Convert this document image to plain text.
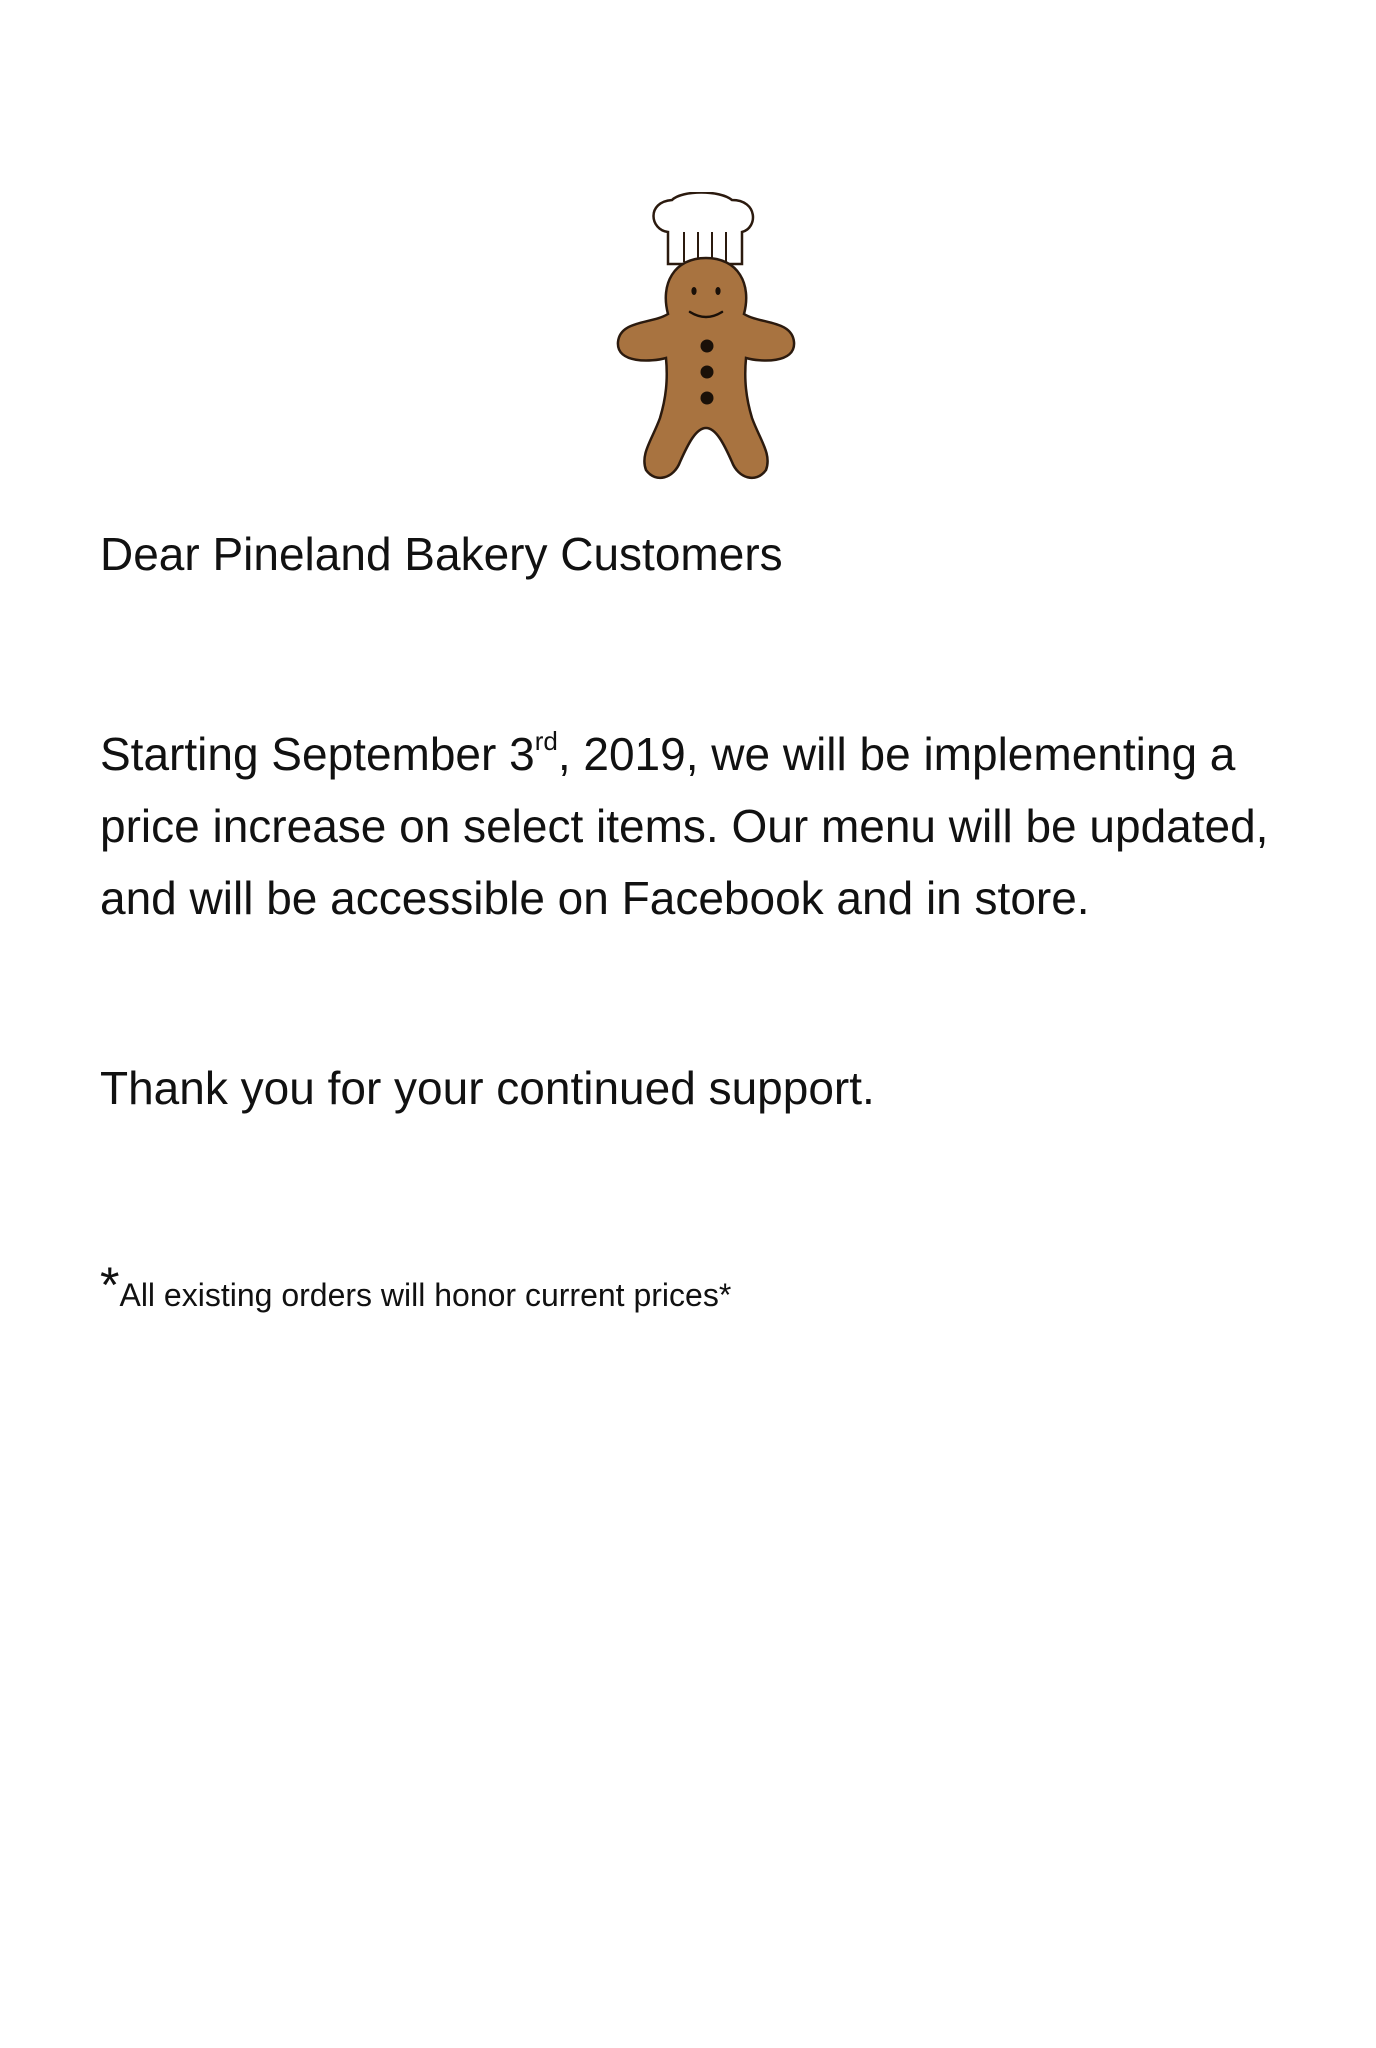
Dear Pineland Bakery Customers

Starting September 3rd, 2019, we will be implementing a
price increase on select items. Our menu will be updated,
and will be accessible on Facebook and in store.

Thank you for your continued support.

*All existing orders will honor current prices*
